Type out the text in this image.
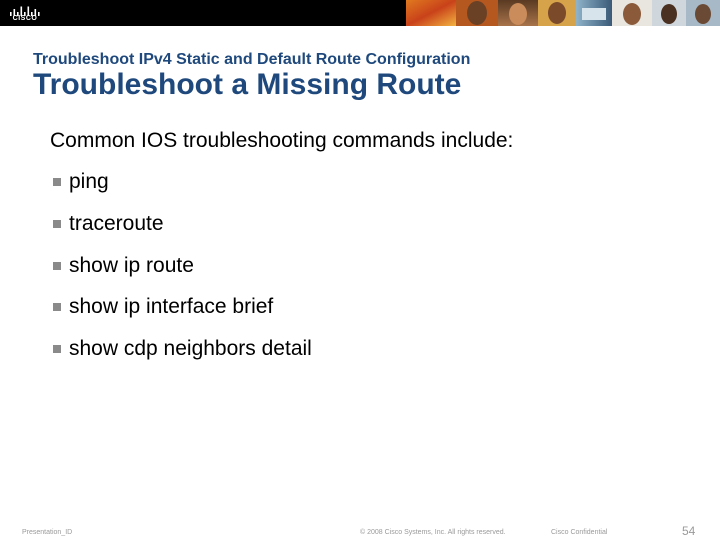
CISCO
Troubleshoot IPv4 Static and Default Route Configuration
Troubleshoot a Missing Route
Common IOS troubleshooting commands include:
ping
traceroute
show ip route
show ip interface brief
show cdp neighbors detail
Presentation_ID	© 2008 Cisco Systems, Inc. All rights reserved.	Cisco Confidential	54
